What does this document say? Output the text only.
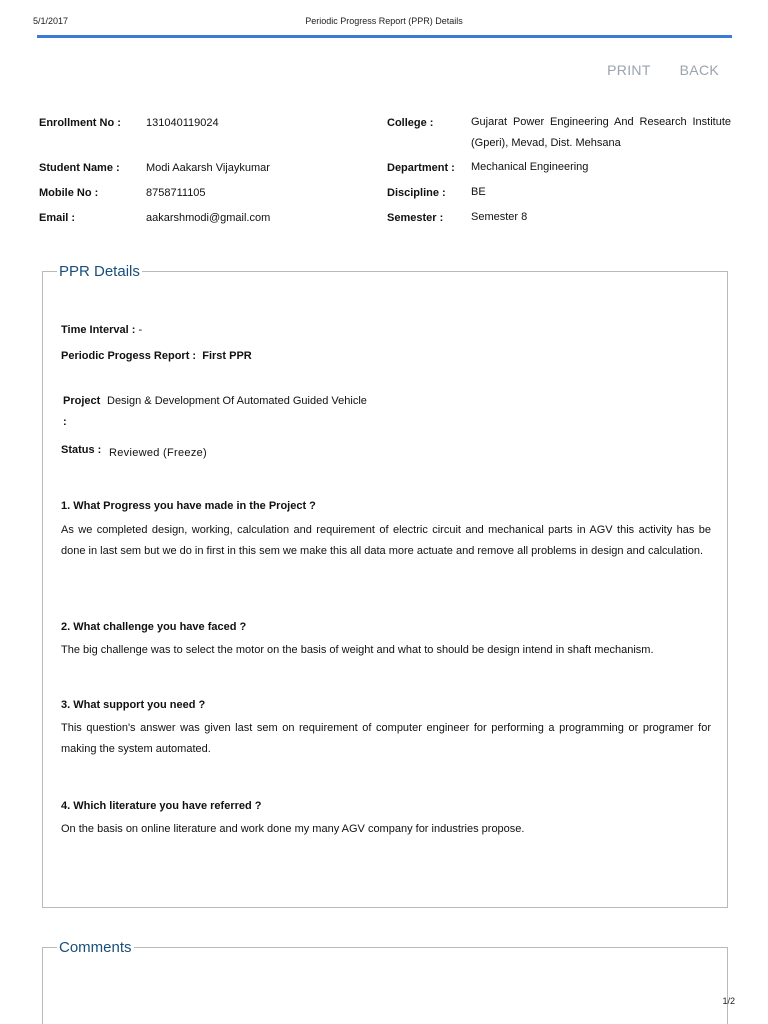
5/1/2017	Periodic Progress Report (PPR) Details
PRINT BACK
Enrollment No : 131040119024	College :	Gujarat Power Engineering And Research Institute (Gperi), Mevad, Dist. Mehsana
Student Name : Modi Aakarsh Vijaykumar	Department : Mechanical Engineering
Mobile No :	8758711105	Discipline : BE
Email :	aakarshmodi@gmail.com	Semester :	Semester 8
PPR Details
Time Interval : -
Periodic Progess Report : First PPR
Project
:
Design & Development Of Automated Guided Vehicle
Status : Reviewed (Freeze)
1. What Progress you have made in the Project ?
As we completed design, working, calculation and requirement of electric circuit and mechanical parts in AGV this activity has be done in last sem but we do in first in this sem we make this all data more actuate and remove all problems in design and calculation.
2. What challenge you have faced ?
The big challenge was to select the motor on the basis of weight and what to should be design intend in shaft mechanism.
3. What support you need ?
This question's answer was given last sem on requirement of computer engineer for performing a programming or programer for making the system automated.
4. Which literature you have referred ?
On the basis on online literature and work done my many AGV company for industries propose.
Comments
1/2
